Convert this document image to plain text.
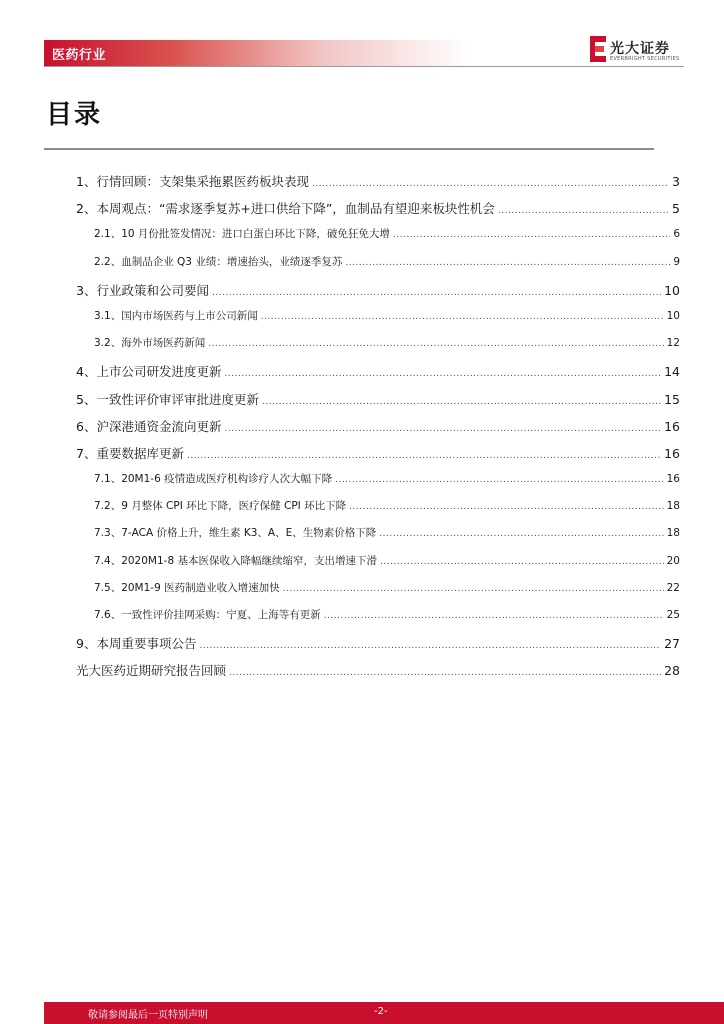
医药行业	光大证券
EVERBRIGHT SECURITIES
目录
1、行情回顾：支架集采拖累医药板块表现 .....	3
2、本周观点：“需求逐季复苏+进口供给下降”，血制品有望迎来板块性机会 .....	5
2.1、10 月份批签发情况：进口白蛋白环比下降，破免狂免大增 .....	6
2.2、血制品企业 Q3 业绩：增速抬头，业绩逐季复苏 .....	9
3、行业政策和公司要闻 .....	10
3.1、国内市场医药与上市公司新闻 .....	10
3.2、海外市场医药新闻 .....	12
4、上市公司研发进度更新 .....	14
5、一致性评价审评审批进度更新 .....	15
6、沪深港通资金流向更新 .....	16
7、重要数据库更新 .....	16
7.1、20M1-6 疫情造成医疗机构诊疗人次大幅下降 .....	16
7.2、9 月整体 CPI 环比下降，医疗保健 CPI 环比下降 .....	18
7.3、7-ACA 价格上升，维生素 K3、A、E、生物素价格下降 .....	18
7.4、2020M1-8 基本医保收入降幅继续缩窄，支出增速下滑 .....	20
7.5、20M1-9 医药制造业收入增速加快 .....	22
7.6、一致性评价挂网采购：宁夏、上海等有更新 .....	25
9、本周重要事项公告 .....	27
光大医药近期研究报告回顾 .....	28
敬请参阅最后一页特别声明	-2-
